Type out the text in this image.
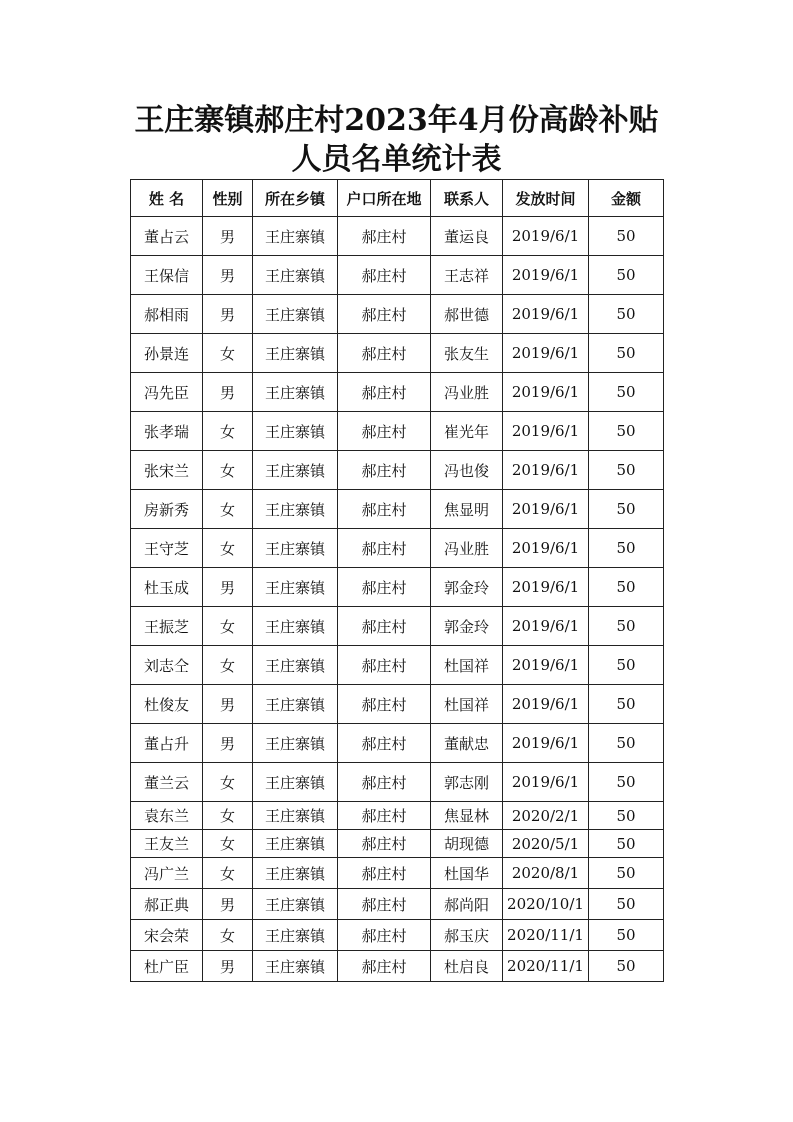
王庄寨镇郝庄村2023年4月份高龄补贴
人员名单统计表
姓 名	性别	所在乡镇	户口所在地	联系人	发放时间	金额
董占云	男	王庄寨镇	郝庄村	董运良	2019/6/1	50
王保信	男	王庄寨镇	郝庄村	王志祥	2019/6/1	50
郝相雨	男	王庄寨镇	郝庄村	郝世德	2019/6/1	50
孙景连	女	王庄寨镇	郝庄村	张友生	2019/6/1	50
冯先臣	男	王庄寨镇	郝庄村	冯业胜	2019/6/1	50
张孝瑞	女	王庄寨镇	郝庄村	崔光年	2019/6/1	50
张宋兰	女	王庄寨镇	郝庄村	冯也俊	2019/6/1	50
房新秀	女	王庄寨镇	郝庄村	焦显明	2019/6/1	50
王守芝	女	王庄寨镇	郝庄村	冯业胜	2019/6/1	50
杜玉成	男	王庄寨镇	郝庄村	郭金玲	2019/6/1	50
王振芝	女	王庄寨镇	郝庄村	郭金玲	2019/6/1	50
刘志仝	女	王庄寨镇	郝庄村	杜国祥	2019/6/1	50
杜俊友	男	王庄寨镇	郝庄村	杜国祥	2019/6/1	50
董占升	男	王庄寨镇	郝庄村	董献忠	2019/6/1	50
董兰云	女	王庄寨镇	郝庄村	郭志刚	2019/6/1	50
袁东兰	女	王庄寨镇	郝庄村	焦显林	2020/2/1	50
王友兰	女	王庄寨镇	郝庄村	胡现德	2020/5/1	50
冯广兰	女	王庄寨镇	郝庄村	杜国华	2020/8/1	50
郝正典	男	王庄寨镇	郝庄村	郝尚阳	2020/10/1	50
宋会荣	女	王庄寨镇	郝庄村	郝玉庆	2020/11/1	50
杜广臣	男	王庄寨镇	郝庄村	杜启良	2020/11/1	50
